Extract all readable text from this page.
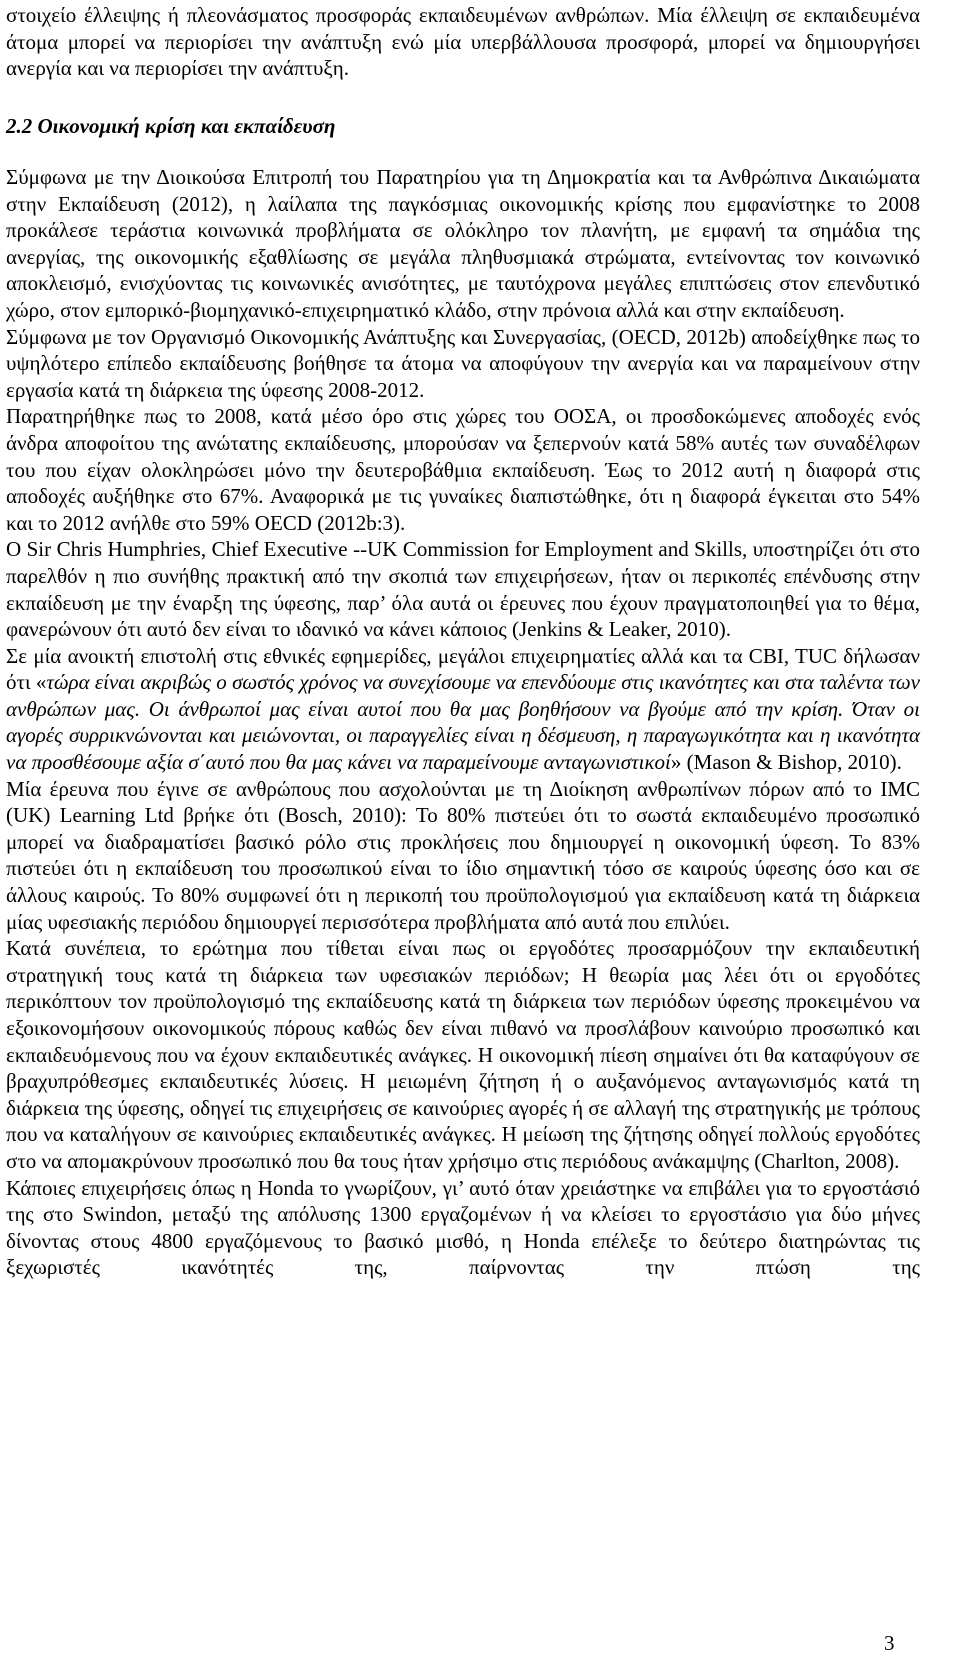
στοιχείο έλλειψης ή πλεονάσματος προσφοράς εκπαιδευμένων ανθρώπων. Μία έλλειψη σε εκπαιδευμένα άτομα μπορεί να περιορίσει την ανάπτυξη ενώ μία υπερβάλλουσα προσφορά, μπορεί να δημιουργήσει ανεργία και να περιορίσει την ανάπτυξη.

2.2 Οικονομική κρίση και εκπαίδευση

Σύμφωνα με την Διοικούσα Επιτροπή του Παρατηρίου για τη Δημοκρατία και τα Ανθρώπινα Δικαιώματα στην Εκπαίδευση (2012), η λαίλαπα της παγκόσμιας οικονομικής κρίσης που εμφανίστηκε το 2008 προκάλεσε τεράστια κοινωνικά προβλήματα σε ολόκληρο τον πλανήτη, με εμφανή τα σημάδια της ανεργίας, της οικονομικής εξαθλίωσης σε μεγάλα πληθυσμιακά στρώματα, εντείνοντας τον κοινωνικό αποκλεισμό, ενισχύοντας τις κοινωνικές ανισότητες, με ταυτόχρονα μεγάλες επιπτώσεις στον επενδυτικό χώρο, στον εμπορικό-βιομηχανικό-επιχειρηματικό κλάδο, στην πρόνοια αλλά και στην εκπαίδευση.

Σύμφωνα με τον Οργανισμό Οικονομικής Ανάπτυξης και Συνεργασίας, (OECD, 2012b) αποδείχθηκε πως το υψηλότερο επίπεδο εκπαίδευσης βοήθησε τα άτομα να αποφύγουν την ανεργία και να παραμείνουν στην εργασία κατά τη διάρκεια της ύφεσης 2008-2012.

Παρατηρήθηκε πως το 2008, κατά μέσο όρο στις χώρες του ΟΟΣΑ, οι προσδοκώμενες αποδοχές ενός άνδρα αποφοίτου της ανώτατης εκπαίδευσης, μπορούσαν να ξεπερνούν κατά 58% αυτές των συναδέλφων του που είχαν ολοκληρώσει μόνο την δευτεροβάθμια εκπαίδευση. Έως το 2012 αυτή η διαφορά στις αποδοχές αυξήθηκε στο 67%. Αναφορικά με τις γυναίκες διαπιστώθηκε, ότι η διαφορά έγκειται στο 54% και το 2012 ανήλθε στο 59% OECD (2012b:3).

O Sir Chris Humphries, Chief Executive --UK Commission for Employment and Skills, υποστηρίζει ότι στο παρελθόν η πιο συνήθης πρακτική από την σκοπιά των επιχειρήσεων, ήταν οι περικοπές επένδυσης στην εκπαίδευση με την έναρξη της ύφεσης, παρ’ όλα αυτά οι έρευνες που έχουν πραγματοποιηθεί για το θέμα, φανερώνουν ότι αυτό δεν είναι το ιδανικό να κάνει κάποιος (Jenkins & Leaker, 2010).

Σε μία ανοικτή επιστολή στις εθνικές εφημερίδες, μεγάλοι επιχειρηματίες αλλά και τα CBI, TUC δήλωσαν ότι «τώρα είναι ακριβώς ο σωστός χρόνος να συνεχίσουμε να επενδύουμε στις ικανότητες και στα ταλέντα των ανθρώπων μας. Οι άνθρωποί μας είναι αυτοί που θα μας βοηθήσουν να βγούμε από την κρίση. Όταν οι αγορές συρρικνώνονται και μειώνονται, οι παραγγελίες είναι η δέσμευση, η παραγωγικότητα και η ικανότητα να προσθέσουμε αξία σ΄αυτό που θα μας κάνει να παραμείνουμε ανταγωνιστικοί» (Mason & Bishop, 2010).

Μία έρευνα που έγινε σε ανθρώπους που ασχολούνται με τη Διοίκηση ανθρωπίνων πόρων από το IMC (UK) Learning Ltd βρήκε ότι (Bosch, 2010): Το 80% πιστεύει ότι το σωστά εκπαιδευμένο προσωπικό μπορεί να διαδραματίσει βασικό ρόλο στις προκλήσεις που δημιουργεί η οικονομική ύφεση. Το 83% πιστεύει ότι η εκπαίδευση του προσωπικού είναι το ίδιο σημαντική τόσο σε καιρούς ύφεσης όσο και σε άλλους καιρούς. Το 80% συμφωνεί ότι η περικοπή του προϋπολογισμού για εκπαίδευση κατά τη διάρκεια μίας υφεσιακής περιόδου δημιουργεί περισσότερα προβλήματα από αυτά που επιλύει.

Κατά συνέπεια, το ερώτημα που τίθεται είναι πως οι εργοδότες προσαρμόζουν την εκπαιδευτική στρατηγική τους κατά τη διάρκεια των υφεσιακών περιόδων; Η θεωρία μας λέει ότι οι εργοδότες περικόπτουν τον προϋπολογισμό της εκπαίδευσης κατά τη διάρκεια των περιόδων ύφεσης προκειμένου να εξοικονομήσουν οικονομικούς πόρους καθώς δεν είναι πιθανό να προσλάβουν καινούριο προσωπικό και εκπαιδευόμενους που να έχουν εκπαιδευτικές ανάγκες. Η οικονομική πίεση σημαίνει ότι θα καταφύγουν σε βραχυπρόθεσμες εκπαιδευτικές λύσεις. Η μειωμένη ζήτηση ή ο αυξανόμενος ανταγωνισμός κατά τη διάρκεια της ύφεσης, οδηγεί τις επιχειρήσεις σε καινούριες αγορές ή σε αλλαγή της στρατηγικής με τρόπους που να καταλήγουν σε καινούριες εκπαιδευτικές ανάγκες. Η μείωση της ζήτησης οδηγεί πολλούς εργοδότες στο να απομακρύνουν προσωπικό που θα τους ήταν χρήσιμο στις περιόδους ανάκαμψης (Charlton, 2008).

Κάποιες επιχειρήσεις όπως η Honda το γνωρίζουν, γι’ αυτό όταν χρειάστηκε να επιβάλει για το εργοστάσιό της στο Swindon, μεταξύ της απόλυσης 1300 εργαζομένων ή να κλείσει το εργοστάσιο για δύο μήνες δίνοντας στους 4800 εργαζόμενους το βασικό μισθό, η Honda επέλεξε το δεύτερο διατηρώντας τις ξεχωριστές ικανότητές της, παίρνοντας την πτώση της

3
